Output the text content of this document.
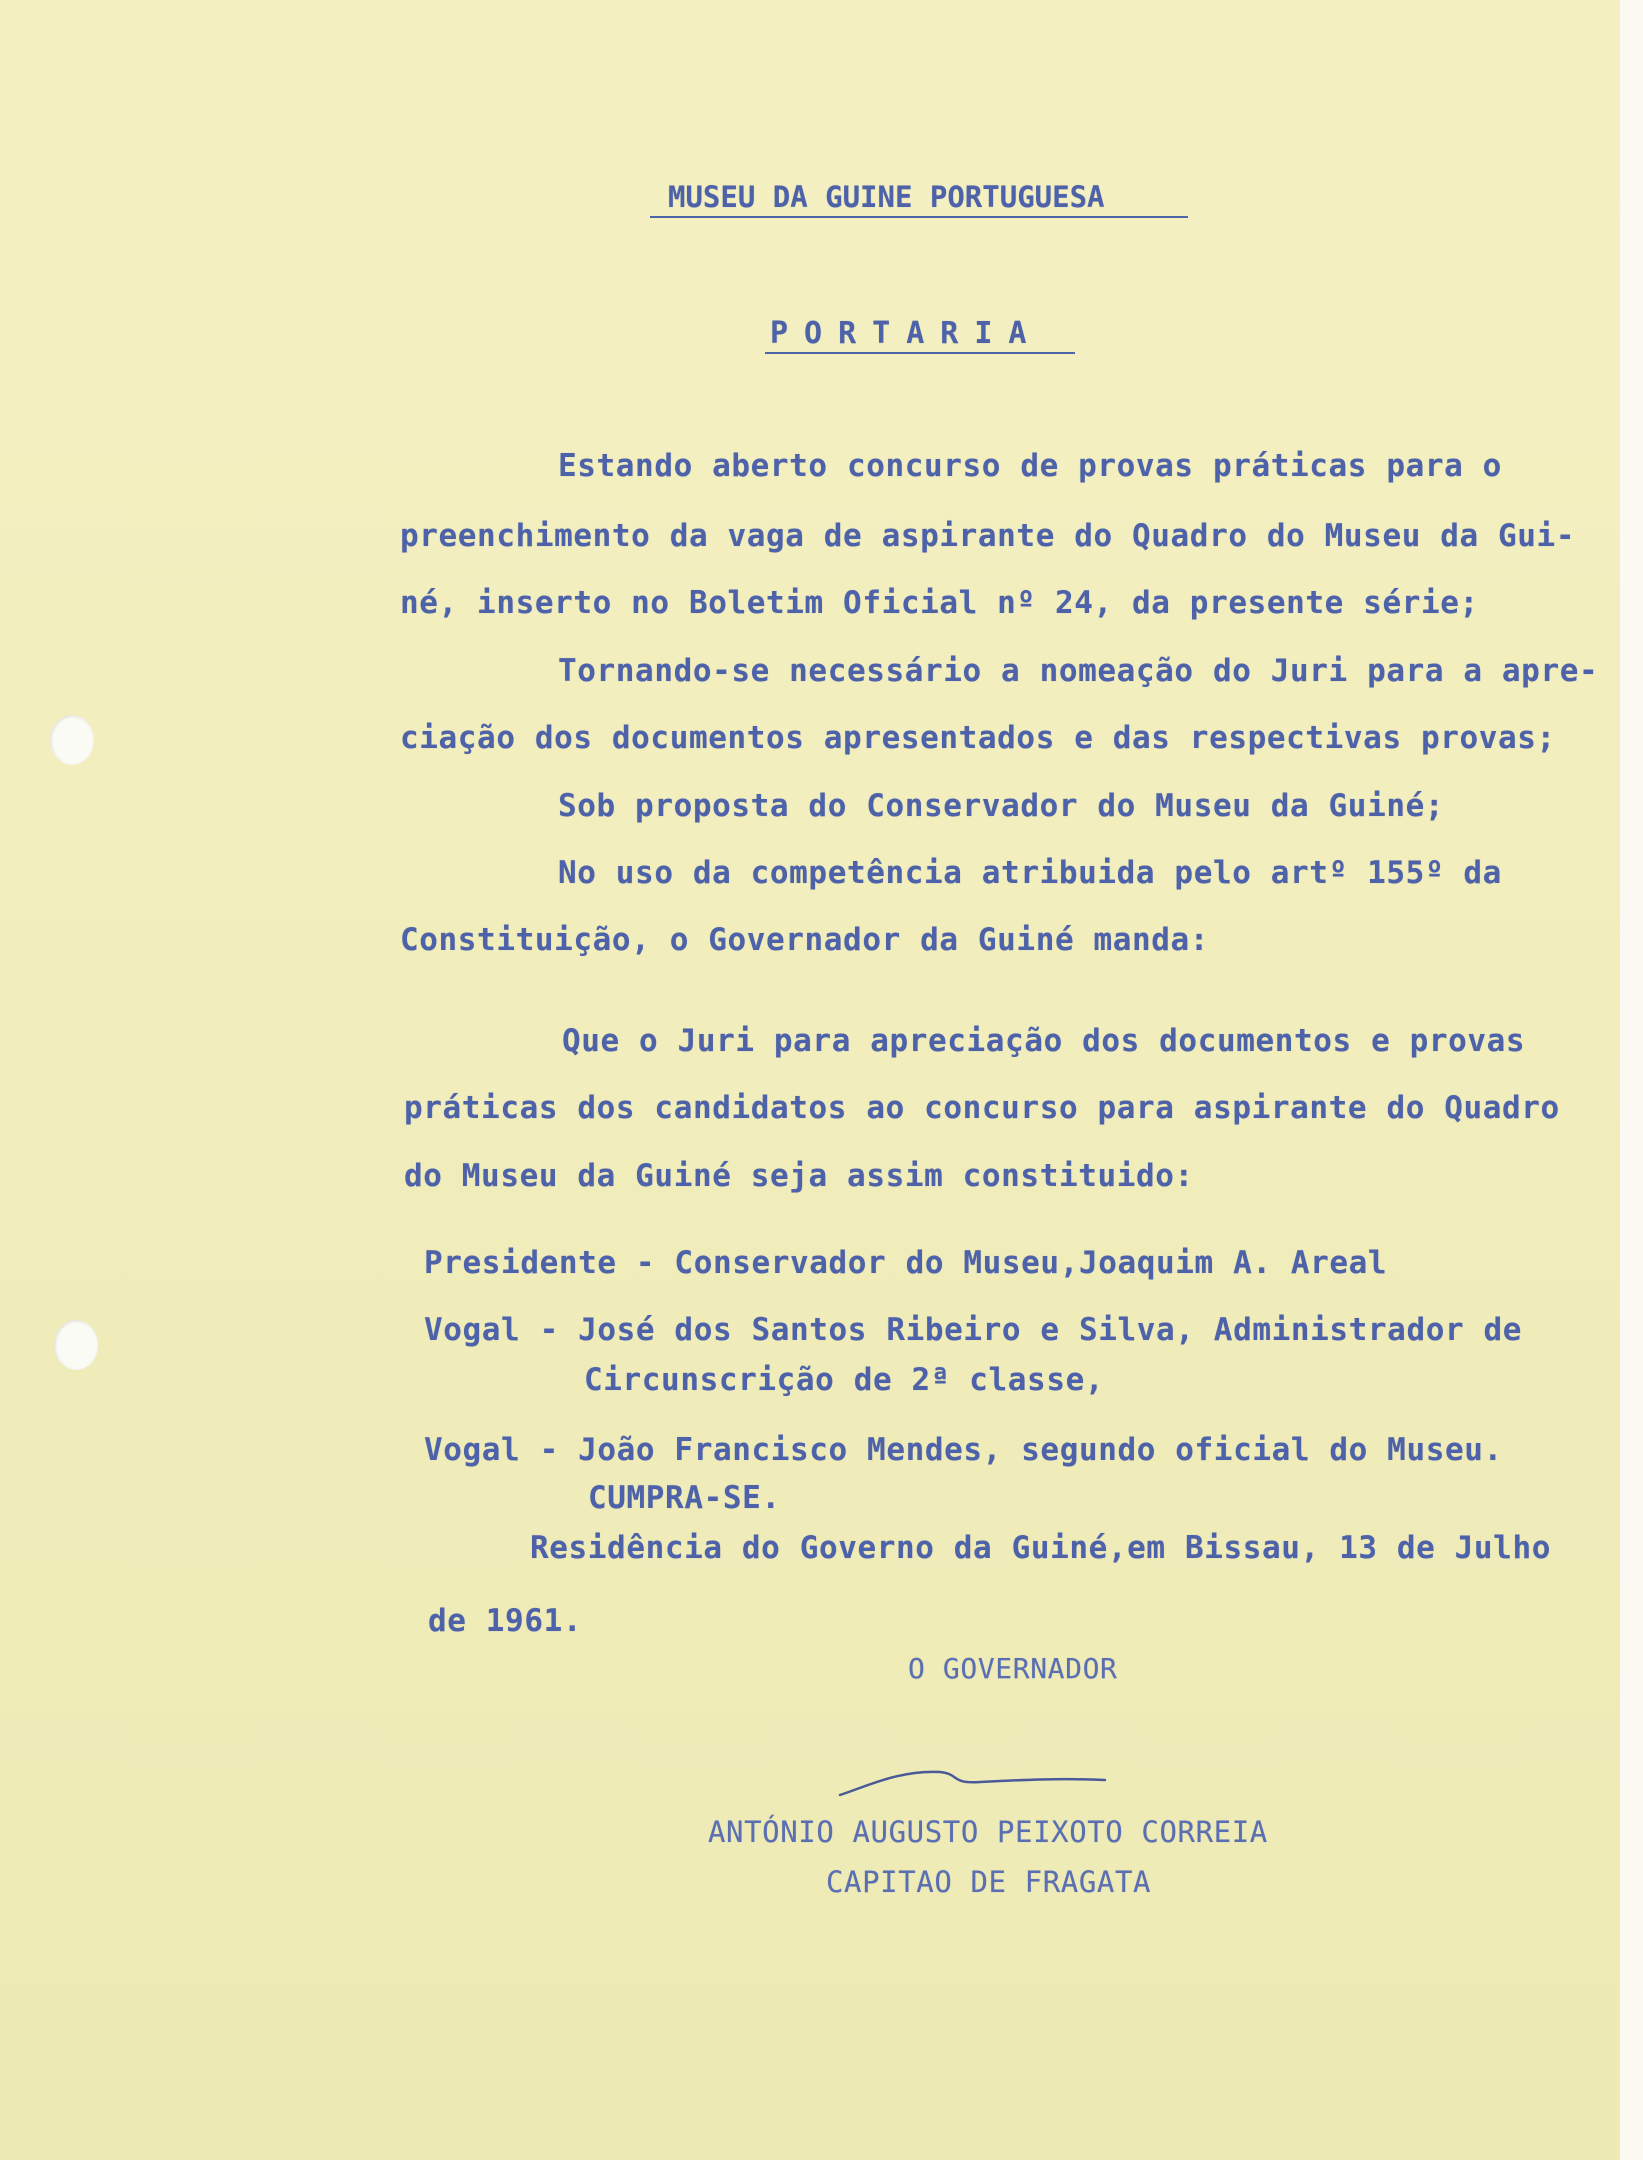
MUSEU DA GUINE PORTUGUESA
PORTARIA
Estando aberto concurso de provas práticas para o
preenchimento da vaga de aspirante do Quadro do Museu da Gui-
né, inserto no Boletim Oficial nº 24, da presente série;
Tornando-se necessário a nomeação do Juri para a apre-
ciação dos documentos apresentados e das respectivas provas;
Sob proposta do Conservador do Museu da Guiné;
No uso da competência atribuida pelo artº 155º da
Constituição, o Governador da Guiné manda:
Que o Juri para apreciação dos documentos e provas
práticas dos candidatos ao concurso para aspirante do Quadro
do Museu da Guiné seja assim constituido:
Presidente - Conservador do Museu,Joaquim A. Areal
Vogal - José dos Santos Ribeiro e Silva, Administrador de
Circunscrição de 2ª classe,
Vogal - João Francisco Mendes, segundo oficial do Museu.
CUMPRA-SE.
Residência do Governo da Guiné,em Bissau, 13 de Julho
de 1961.
O GOVERNADOR
ANTÓNIO AUGUSTO PEIXOTO CORREIA
CAPITAO DE FRAGATA
